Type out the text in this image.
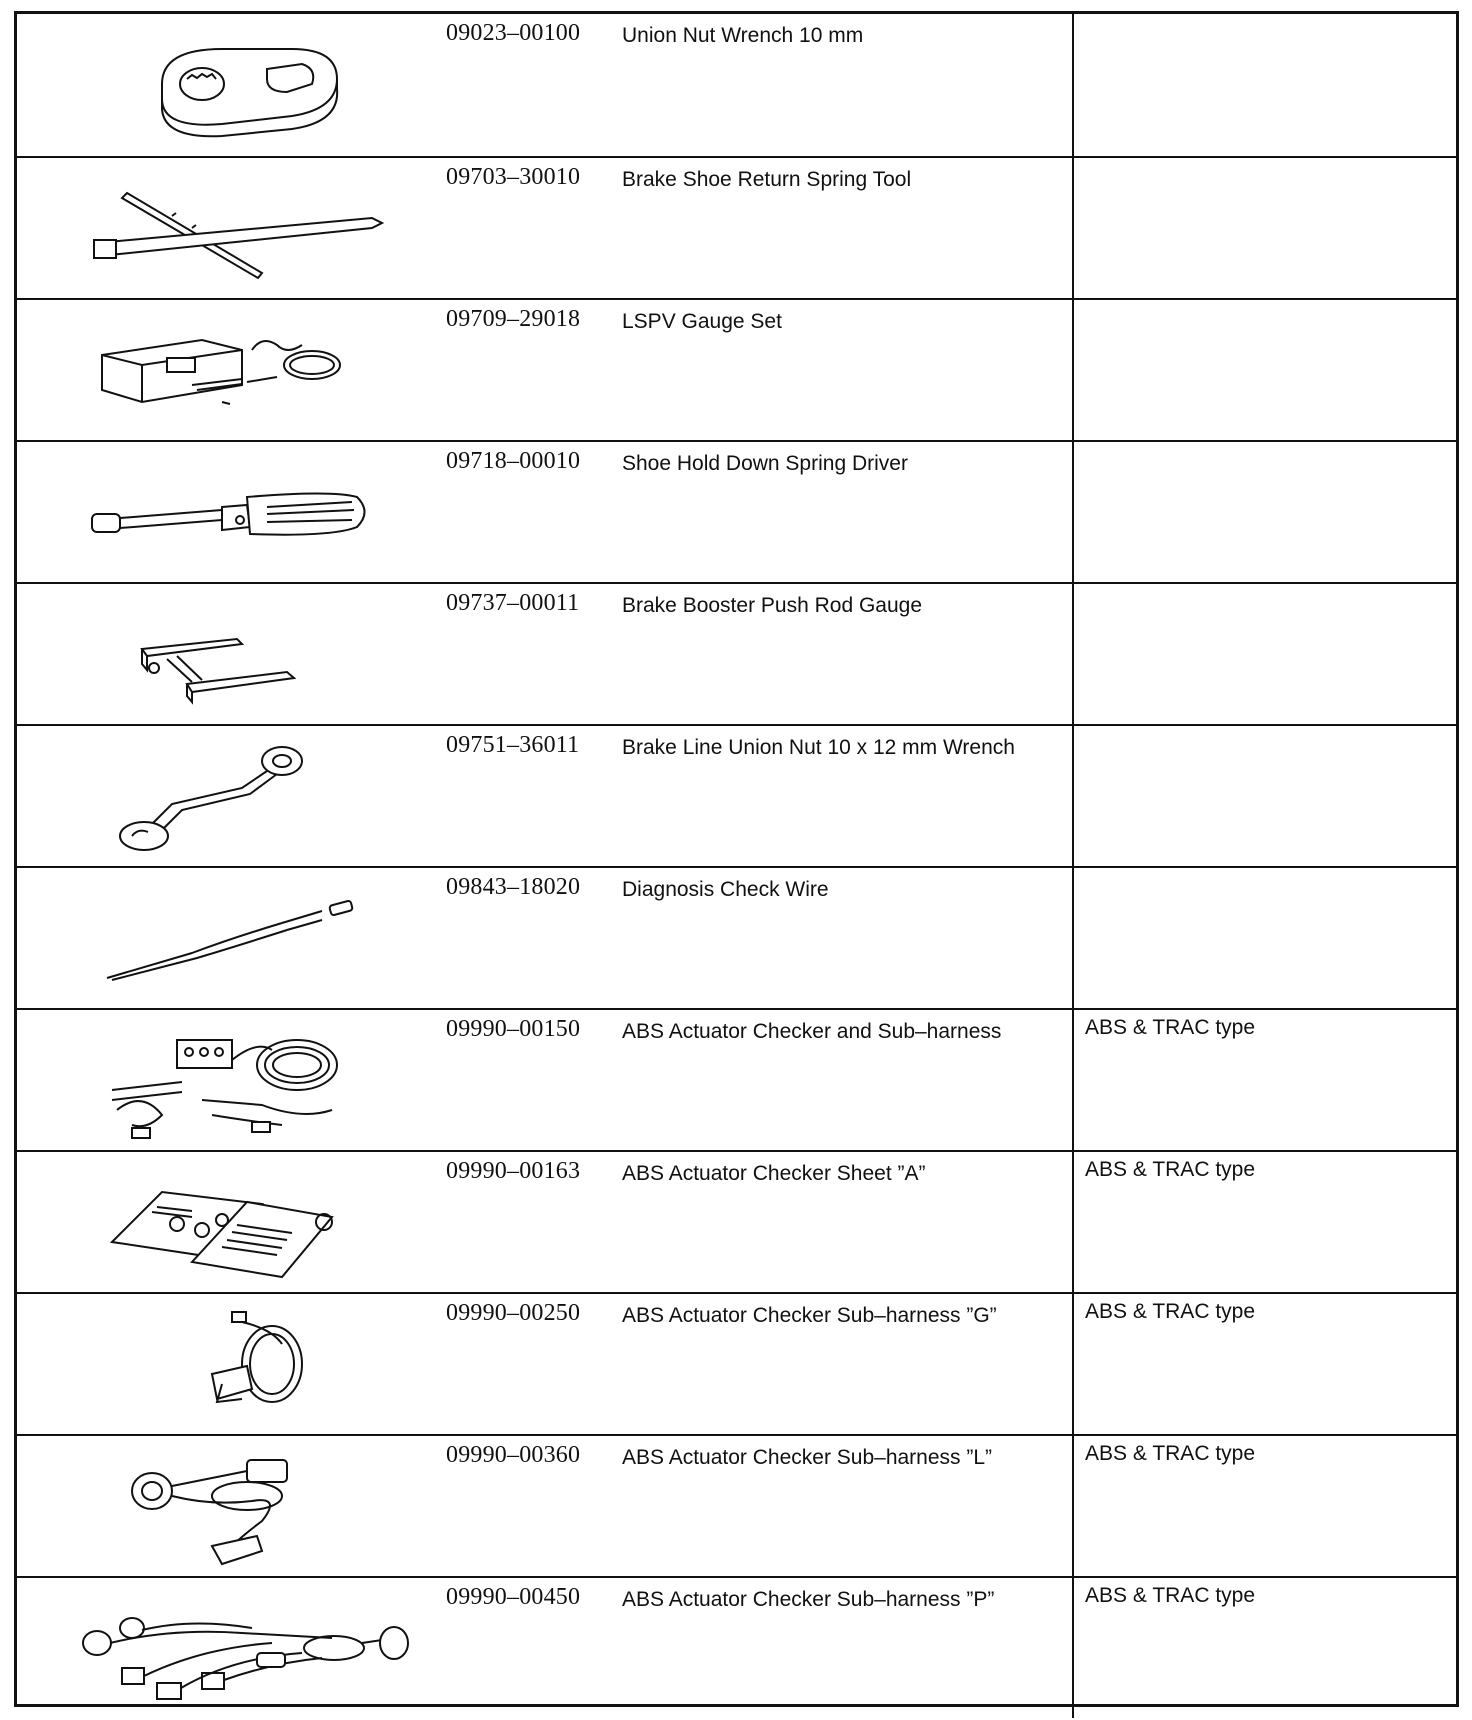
09023–00100 Union Nut Wrench 10 mm
09703–30010 Brake Shoe Return Spring Tool
09709–29018 LSPV Gauge Set
09718–00010 Shoe Hold Down Spring Driver
09737–00011 Brake Booster Push Rod Gauge
09751–36011 Brake Line Union Nut 10 x 12 mm Wrench
09843–18020 Diagnosis Check Wire
09990–00150 ABS Actuator Checker and Sub–harness	ABS & TRAC type
09990–00163 ABS Actuator Checker Sheet ”A”	ABS & TRAC type
09990–00250 ABS Actuator Checker Sub–harness ”G”	ABS & TRAC type
09990–00360 ABS Actuator Checker Sub–harness ”L”	ABS & TRAC type
09990–00450 ABS Actuator Checker Sub–harness ”P”	ABS & TRAC type
